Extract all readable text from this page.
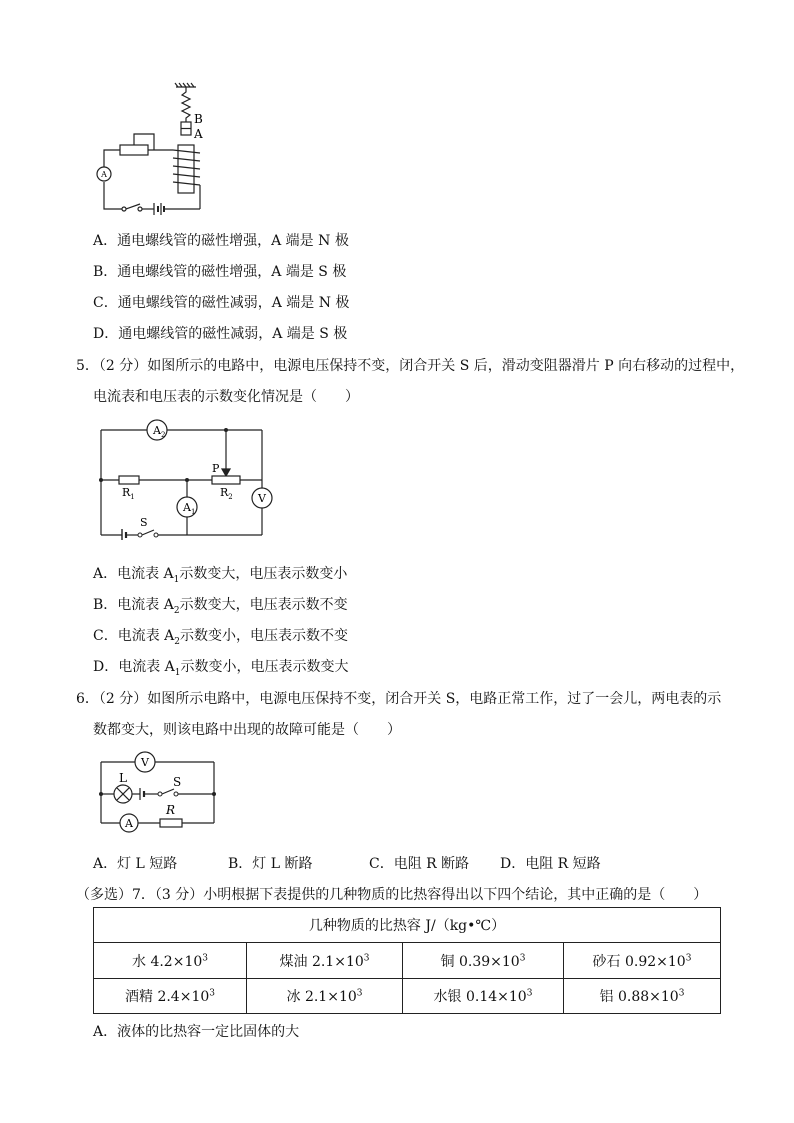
A
B
A
A．通电螺线管的磁性增强，A 端是 N 极
B．通电螺线管的磁性增强，A 端是 S 极
C．通电螺线管的磁性减弱，A 端是 N 极
D．通电螺线管的磁性减弱，A 端是 S 极
5．（2 分）如图所示的电路中，电源电压保持不变，闭合开关 S 后，滑动变阻器滑片 P 向右移动的过程中，
电流表和电压表的示数变化情况是（　　）
$A_2$
$A_1$
V
$R_1$	$R_2$
P
S
A．电流表 $A_1$示数变大，电压表示数变小
B．电流表 $A_2$示数变大，电压表示数不变
C．电流表 $A_2$示数变小，电压表示数不变
D．电流表 $A_1$示数变小，电压表示数变大
6．（2 分）如图所示电路中，电源电压保持不变，闭合开关 S，电路正常工作，过了一会儿，两电表的示
数都变大，则该电路中出现的故障可能是（　　）
V
A
L	S
R
A．灯 L 短路	B．灯 L 断路	C．电阻 R 断路 D．电阻 R 短路
（多选）7．（3 分）小明根据下表提供的几种物质的比热容得出以下四个结论，其中正确的是（　　）
几种物质的比热容 J/（kg•℃）			
水 $4.2\times 10^3$	煤油 $2.1\times 10^3$	铜 $0.39\times 10^3$	砂石 $0.92\times 10^3$
酒精 $2.4\times 10^3$	冰 $2.1\times 10^3$	水银 $0.14\times 10^3$	铝 $0.88\times 10^3$
A．液体的比热容一定比固体的大
